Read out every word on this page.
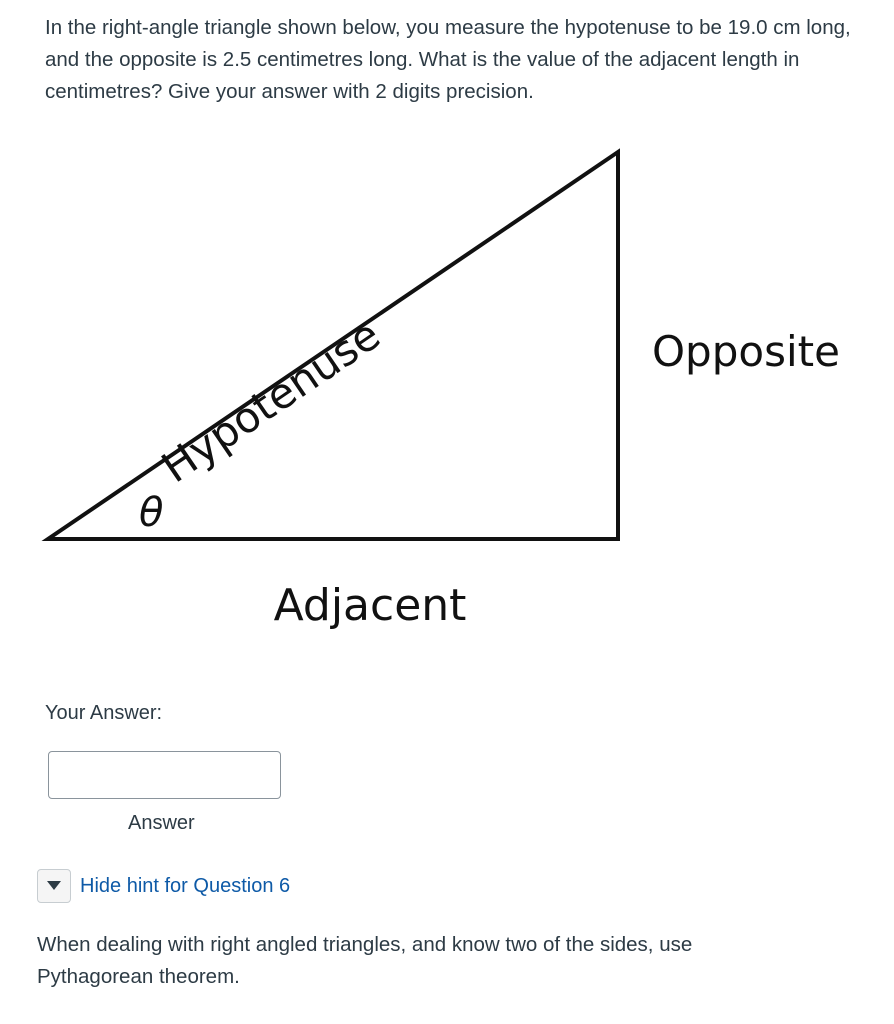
In the right-angle triangle shown below, you measure the hypotenuse to be 19.0 cm long, and the opposite is 2.5 centimetres long. What is the value of the adjacent length in centimetres? Give your answer with 2 digits precision.

Hypotenuse	Opposite
θ
Adjacent
Your Answer:
Answer
Hide hint for Question 6

When dealing with right angled triangles, and know two of the sides, use Pythagorean theorem.
